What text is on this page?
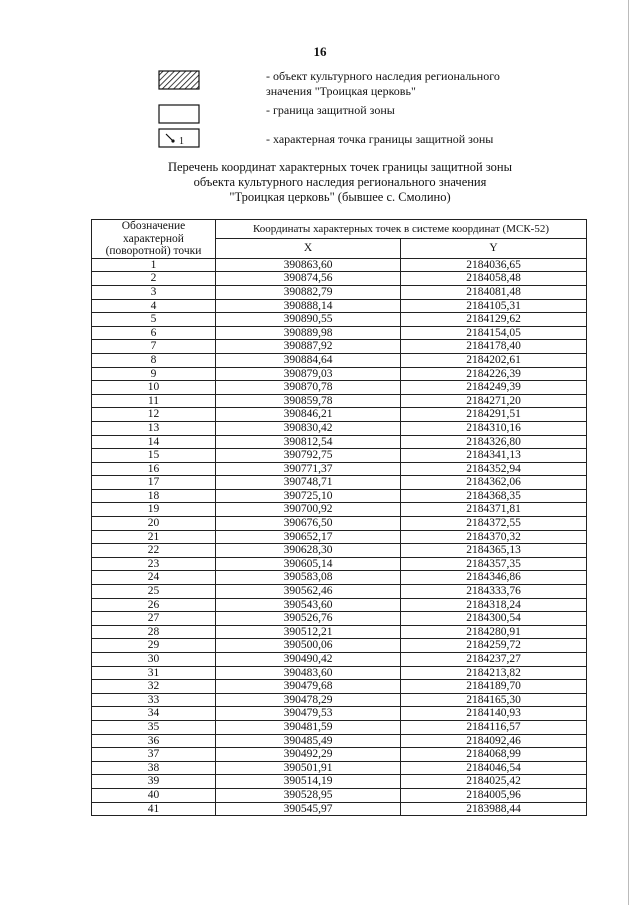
16
- объект культурного наследия регионального
значения "Троицкая церковь"
- граница защитной зоны
1	- характерная точка границы защитной зоны
Перечень координат характерных точек границы защитной зоны
объекта культурного наследия регионального значения
"Троицкая церковь" (бывшее с. Смолино)
Обозначение характерной (поворотной) точки	Координаты характерных точек в системе координат (МСК-52)	
	X	Y
1	390863,60	2184036,65
2	390874,56	2184058,48
3	390882,79	2184081,48
4	390888,14	2184105,31
5	390890,55	2184129,62
6	390889,98	2184154,05
7	390887,92	2184178,40
8	390884,64	2184202,61
9	390879,03	2184226,39
10	390870,78	2184249,39
11	390859,78	2184271,20
12	390846,21	2184291,51
13	390830,42	2184310,16
14	390812,54	2184326,80
15	390792,75	2184341,13
16	390771,37	2184352,94
17	390748,71	2184362,06
18	390725,10	2184368,35
19	390700,92	2184371,81
20	390676,50	2184372,55
21	390652,17	2184370,32
22	390628,30	2184365,13
23	390605,14	2184357,35
24	390583,08	2184346,86
25	390562,46	2184333,76
26	390543,60	2184318,24
27	390526,76	2184300,54
28	390512,21	2184280,91
29	390500,06	2184259,72
30	390490,42	2184237,27
31	390483,60	2184213,82
32	390479,68	2184189,70
33	390478,29	2184165,30
34	390479,53	2184140,93
35	390481,59	2184116,57
36	390485,49	2184092,46
37	390492,29	2184068,99
38	390501,91	2184046,54
39	390514,19	2184025,42
40	390528,95	2184005,96
41	390545,97	2183988,44
